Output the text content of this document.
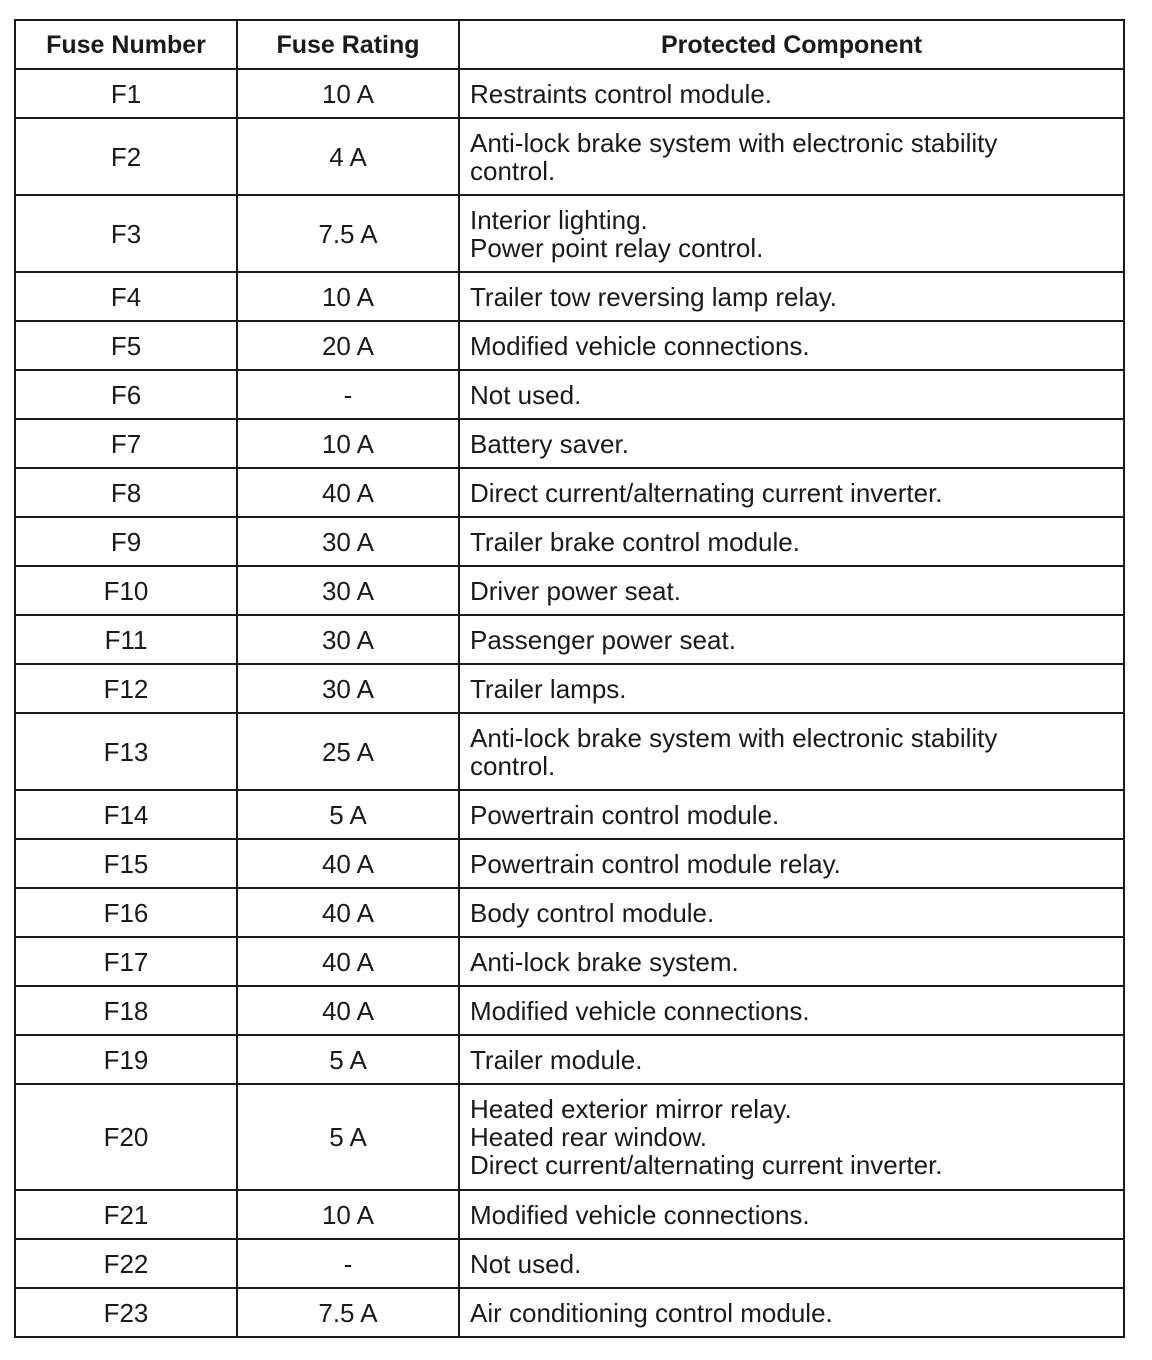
Fuse Number	Fuse Rating	Protected Component
F1	10 A	Restraints control module.

F2	4 A	Anti-lock brake system with electronic stability
control.

F3	7.5 A	Interior lighting.
Power point relay control.

F4	10 A	Trailer tow reversing lamp relay.

F5	20 A	Modified vehicle connections.

F6	-	Not used.

F7	10 A	Battery saver.

F8	40 A	Direct current/alternating current inverter.

F9	30 A	Trailer brake control module.

F10	30 A	Driver power seat.

F11	30 A	Passenger power seat.

F12	30 A	Trailer lamps.

F13	25 A	Anti-lock brake system with electronic stability
control.

F14	5 A	Powertrain control module.

F15	40 A	Powertrain control module relay.

F16	40 A	Body control module.

F17	40 A	Anti-lock brake system.

F18	40 A	Modified vehicle connections.

F19	5 A	Trailer module.

F20	5 A	Heated exterior mirror relay.
Heated rear window.
Direct current/alternating current inverter.

F21	10 A	Modified vehicle connections.

F22	-	Not used.

F23	7.5 A	Air conditioning control module.
